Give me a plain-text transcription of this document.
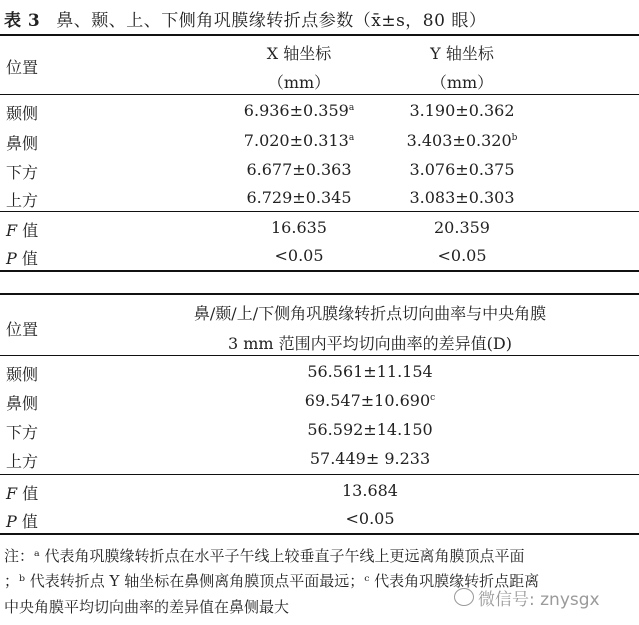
表 3 鼻、颞、上、下侧角巩膜缘转折点参数（x̄±s，80 眼）
位置
X 轴坐标	Y 轴坐标
（mm）	（mm）
颞侧	6.936±0.359$^a$	3.190±0.362
鼻侧	7.020±0.313$^a$	3.403±0.320$^b$
下方	6.677±0.363	3.076±0.375
上方	6.729±0.345	3.083±0.303
F 值	16.635	20.359
P 值	<0.05	<0.05
位置
鼻/颞/上/下侧角巩膜缘转折点切向曲率与中央角膜
3 mm 范围内平均切向曲率的差异值(D)
颞侧	56.561±11.154
鼻侧	69.547±10.690$^c$
下方	56.592±14.150
上方	57.449± 9.233
F 值	13.684
P 值	<0.05
注：ᵃ 代表角巩膜缘转折点在水平子午线上较垂直子午线上更远离角膜顶点平面
；ᵇ 代表转折点 Y 轴坐标在鼻侧离角膜顶点平面最远；ᶜ 代表角巩膜缘转折点距离
中央角膜平均切向曲率的差异值在鼻侧最大	微信号: znysgx
